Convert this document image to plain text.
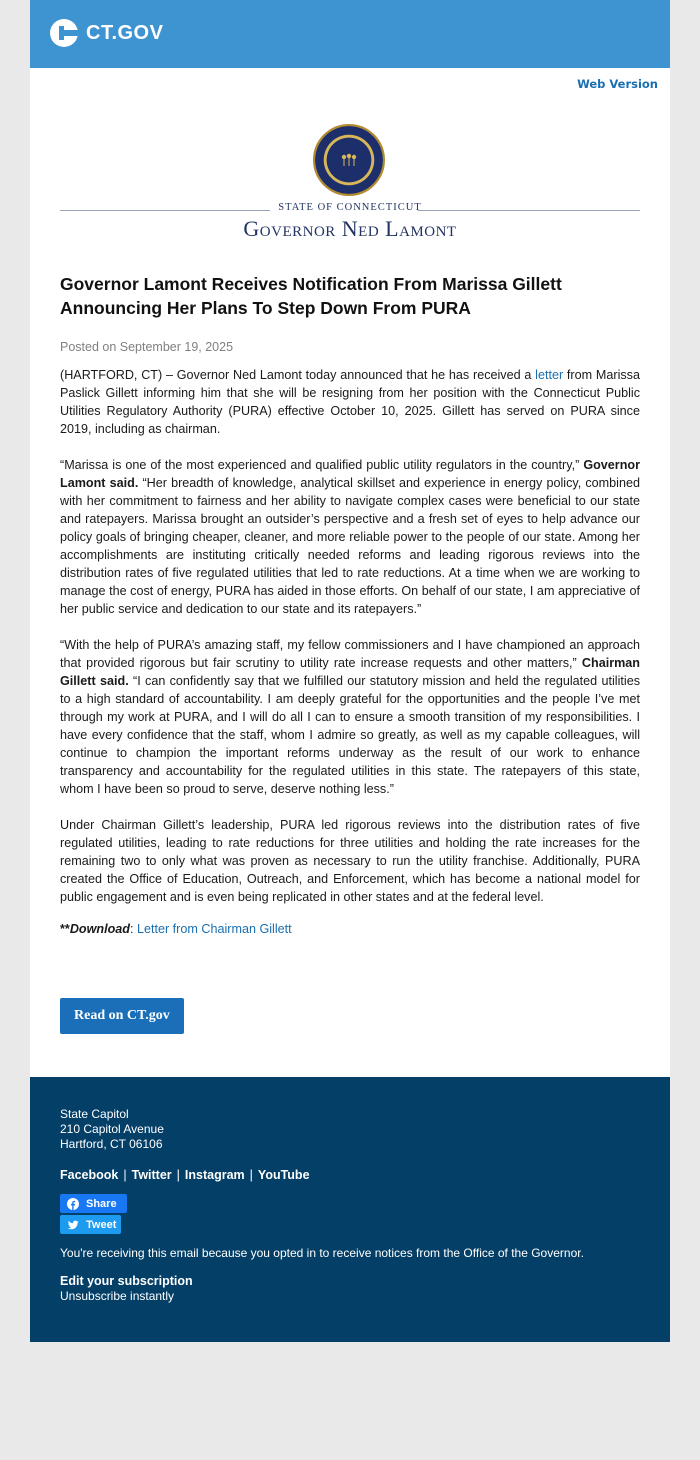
CT.GOV
Web Version
STATE OF CONNECTICUT
Governor Ned Lamont
Governor Lamont Receives Notification From Marissa Gillett Announcing Her Plans To Step Down From PURA
Posted on September 19, 2025

(HARTFORD, CT) – Governor Ned Lamont today announced that he has received a letter from Marissa Paslick Gillett informing him that she will be resigning from her position with the Connecticut Public Utilities Regulatory Authority (PURA) effective October 10, 2025. Gillett has served on PURA since 2019, including as chairman.

“Marissa is one of the most experienced and qualified public utility regulators in the country,” Governor Lamont said. “Her breadth of knowledge, analytical skillset and experience in energy policy, combined with her commitment to fairness and her ability to navigate complex cases were beneficial to our state and ratepayers. Marissa brought an outsider’s perspective and a fresh set of eyes to help advance our policy goals of bringing cheaper, cleaner, and more reliable power to the people of our state. Among her accomplishments are instituting critically needed reforms and leading rigorous reviews into the distribution rates of five regulated utilities that led to rate reductions. At a time when we are working to manage the cost of energy, PURA has aided in those efforts. On behalf of our state, I am appreciative of her public service and dedication to our state and its ratepayers.”

“With the help of PURA’s amazing staff, my fellow commissioners and I have championed an approach that provided rigorous but fair scrutiny to utility rate increase requests and other matters,” Chairman Gillett said. “I can confidently say that we fulfilled our statutory mission and held the regulated utilities to a high standard of accountability. I am deeply grateful for the opportunities and the people I’ve met through my work at PURA, and I will do all I can to ensure a smooth transition of my responsibilities. I have every confidence that the staff, whom I admire so greatly, as well as my capable colleagues, will continue to champion the important reforms underway as the result of our work to enhance transparency and accountability for the regulated utilities in this state. The ratepayers of this state, whom I have been so proud to serve, deserve nothing less.”

Under Chairman Gillett’s leadership, PURA led rigorous reviews into the distribution rates of five regulated utilities, leading to rate reductions for three utilities and holding the rate increases for the remaining two to only what was proven as necessary to run the utility franchise. Additionally, PURA created the Office of Education, Outreach, and Enforcement, which has become a national model for public engagement and is even being replicated in other states and at the federal level.

**Download: Letter from Chairman Gillett
Read on CT.gov
State Capitol
210 Capitol Avenue
Hartford, CT 06106
Facebook | Twitter | Instagram | YouTube
Share
Tweet
You're receiving this email because you opted in to receive notices from the Office of the Governor.
Edit your subscription
Unsubscribe instantly
